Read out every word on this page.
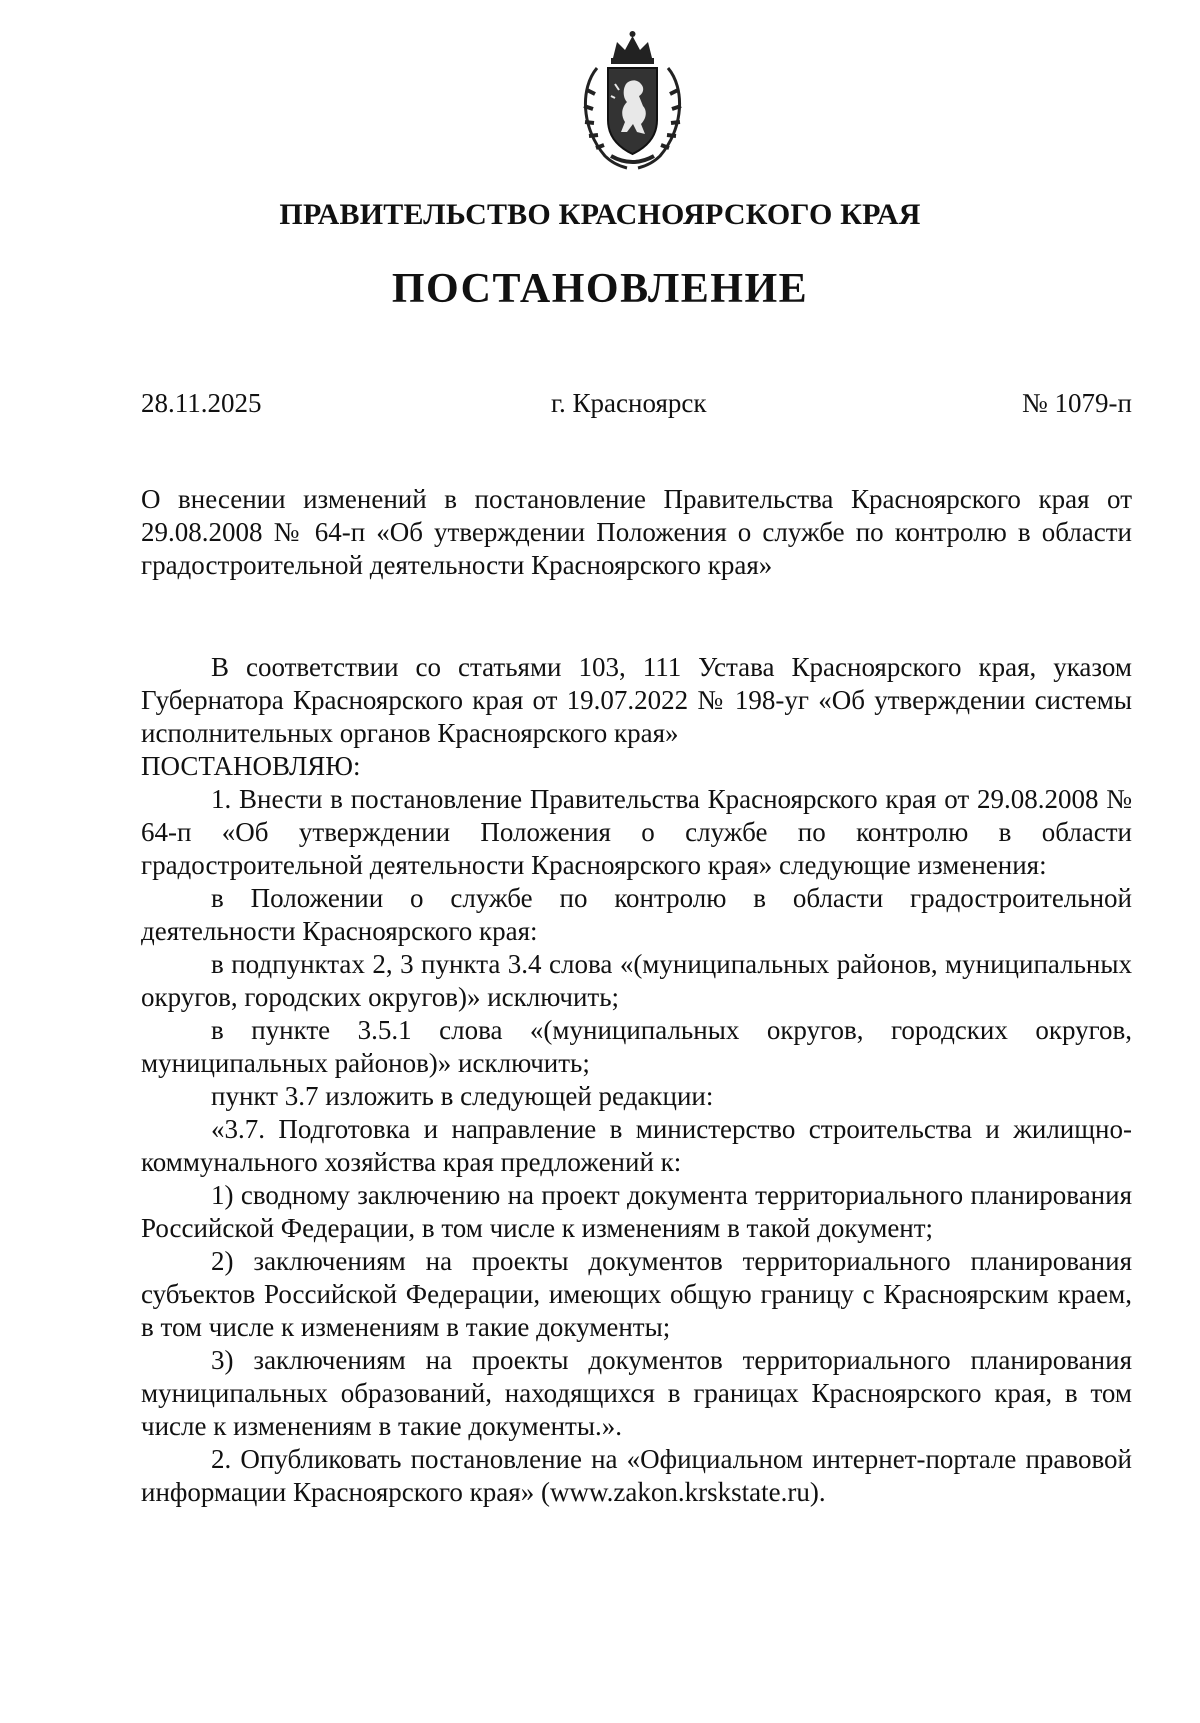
ПРАВИТЕЛЬСТВО КРАСНОЯРСКОГО КРАЯ
ПОСТАНОВЛЕНИЕ
28.11.2025	г. Красноярск	№ 1079-п
О внесении изменений в постановление Правительства Красноярского края от 29.08.2008 № 64-п «Об утверждении Положения о службе по контролю в области градостроительной деятельности Красноярского края»

В соответствии со статьями 103, 111 Устава Красноярского края, указом Губернатора Красноярского края от 19.07.2022 № 198-уг «Об утверждении системы исполнительных органов Красноярского края»

ПОСТАНОВЛЯЮ:

1. Внести в постановление Правительства Красноярского края от 29.08.2008 № 64-п «Об утверждении Положения о службе по контролю в области градостроительной деятельности Красноярского края» следующие изменения:

в Положении о службе по контролю в области градостроительной деятельности Красноярского края:

в подпунктах 2, 3 пункта 3.4 слова «(муниципальных районов, муниципальных округов, городских округов)» исключить;

в пункте 3.5.1 слова «(муниципальных округов, городских округов, муниципальных районов)» исключить;

пункт 3.7 изложить в следующей редакции:

«3.7. Подготовка и направление в министерство строительства и жилищно-коммунального хозяйства края предложений к:

1) сводному заключению на проект документа территориального планирования Российской Федерации, в том числе к изменениям в такой документ;

2) заключениям на проекты документов территориального планирования субъектов Российской Федерации, имеющих общую границу с Красноярским краем, в том числе к изменениям в такие документы;

3) заключениям на проекты документов территориального планирования муниципальных образований, находящихся в границах Красноярского края, в том числе к изменениям в такие документы.».

2. Опубликовать постановление на «Официальном интернет-портале правовой информации Красноярского края» (www.zakon.krskstate.ru).
